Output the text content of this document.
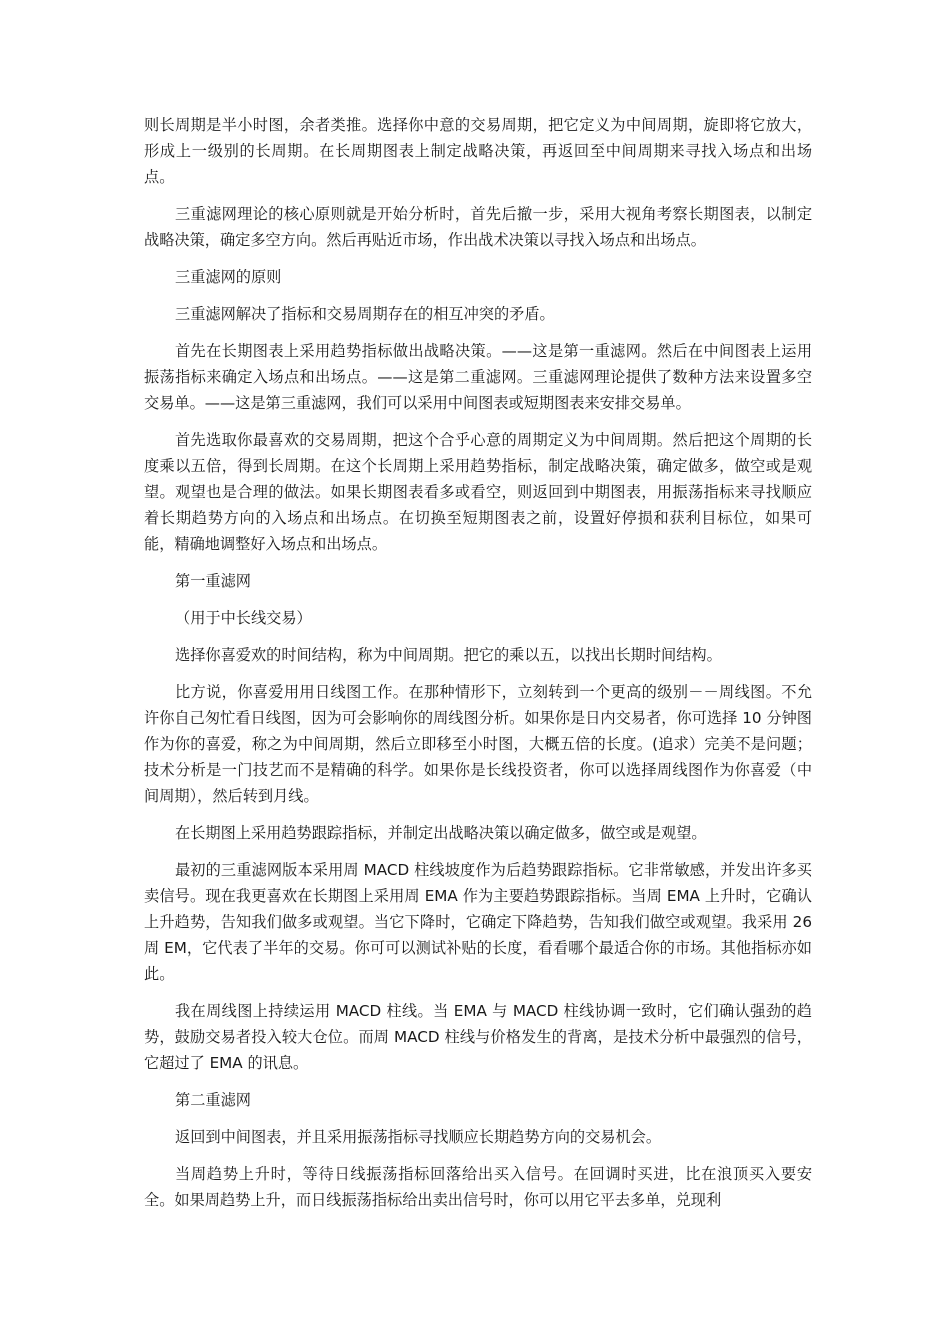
则长周期是半小时图，余者类推。选择你中意的交易周期，把它定义为中间周期，旋即将它放大，形成上一级别的长周期。在长周期图表上制定战略决策，再返回至中间周期来寻找入场点和出场点。

三重滤网理论的核心原则就是开始分析时，首先后撤一步，采用大视角考察长期图表，以制定战略决策，确定多空方向。然后再贴近市场，作出战术决策以寻找入场点和出场点。

三重滤网的原则

三重滤网解决了指标和交易周期存在的相互冲突的矛盾。

首先在长期图表上采用趋势指标做出战略决策。——这是第一重滤网。然后在中间图表上运用振荡指标来确定入场点和出场点。——这是第二重滤网。三重滤网理论提供了数种方法来设置多空交易单。——这是第三重滤网，我们可以采用中间图表或短期图表来安排交易单。

首先选取你最喜欢的交易周期，把这个合乎心意的周期定义为中间周期。然后把这个周期的长度乘以五倍，得到长周期。在这个长周期上采用趋势指标，制定战略决策，确定做多，做空或是观望。观望也是合理的做法。如果长期图表看多或看空，则返回到中期图表，用振荡指标来寻找顺应着长期趋势方向的入场点和出场点。在切换至短期图表之前，设置好停损和获利目标位，如果可能，精确地调整好入场点和出场点。

第一重滤网

（用于中长线交易）

选择你喜爱欢的时间结构，称为中间周期。把它的乘以五，以找出长期时间结构。

比方说，你喜爱用用日线图工作。在那种情形下，立刻转到一个更高的级别－－周线图。不允许你自己匆忙看日线图，因为可会影响你的周线图分析。如果你是日内交易者，你可选择 10 分钟图作为你的喜爱，称之为中间周期，然后立即移至小时图，大概五倍的长度。(追求）完美不是问题；技术分析是一门技艺而不是精确的科学。如果你是长线投资者，你可以选择周线图作为你喜爱（中间周期），然后转到月线。

在长期图上采用趋势跟踪指标，并制定出战略决策以确定做多，做空或是观望。

最初的三重滤网版本采用周 MACD 柱线坡度作为后趋势跟踪指标。它非常敏感，并发出许多买卖信号。现在我更喜欢在长期图上采用周 EMA 作为主要趋势跟踪指标。当周 EMA 上升时，它确认上升趋势，告知我们做多或观望。当它下降时，它确定下降趋势，告知我们做空或观望。我采用 26 周 EM，它代表了半年的交易。你可可以测试补贴的长度，看看哪个最适合你的市场。其他指标亦如此。

我在周线图上持续运用 MACD 柱线。当 EMA 与 MACD 柱线协调一致时，它们确认强劲的趋势，鼓励交易者投入较大仓位。而周 MACD 柱线与价格发生的背离，是技术分析中最强烈的信号，它超过了 EMA 的讯息。

第二重滤网

返回到中间图表，并且采用振荡指标寻找顺应长期趋势方向的交易机会。

当周趋势上升时，等待日线振荡指标回落给出买入信号。在回调时买进，比在浪顶买入要安全。如果周趋势上升，而日线振荡指标给出卖出信号时，你可以用它平去多单，兑现利
